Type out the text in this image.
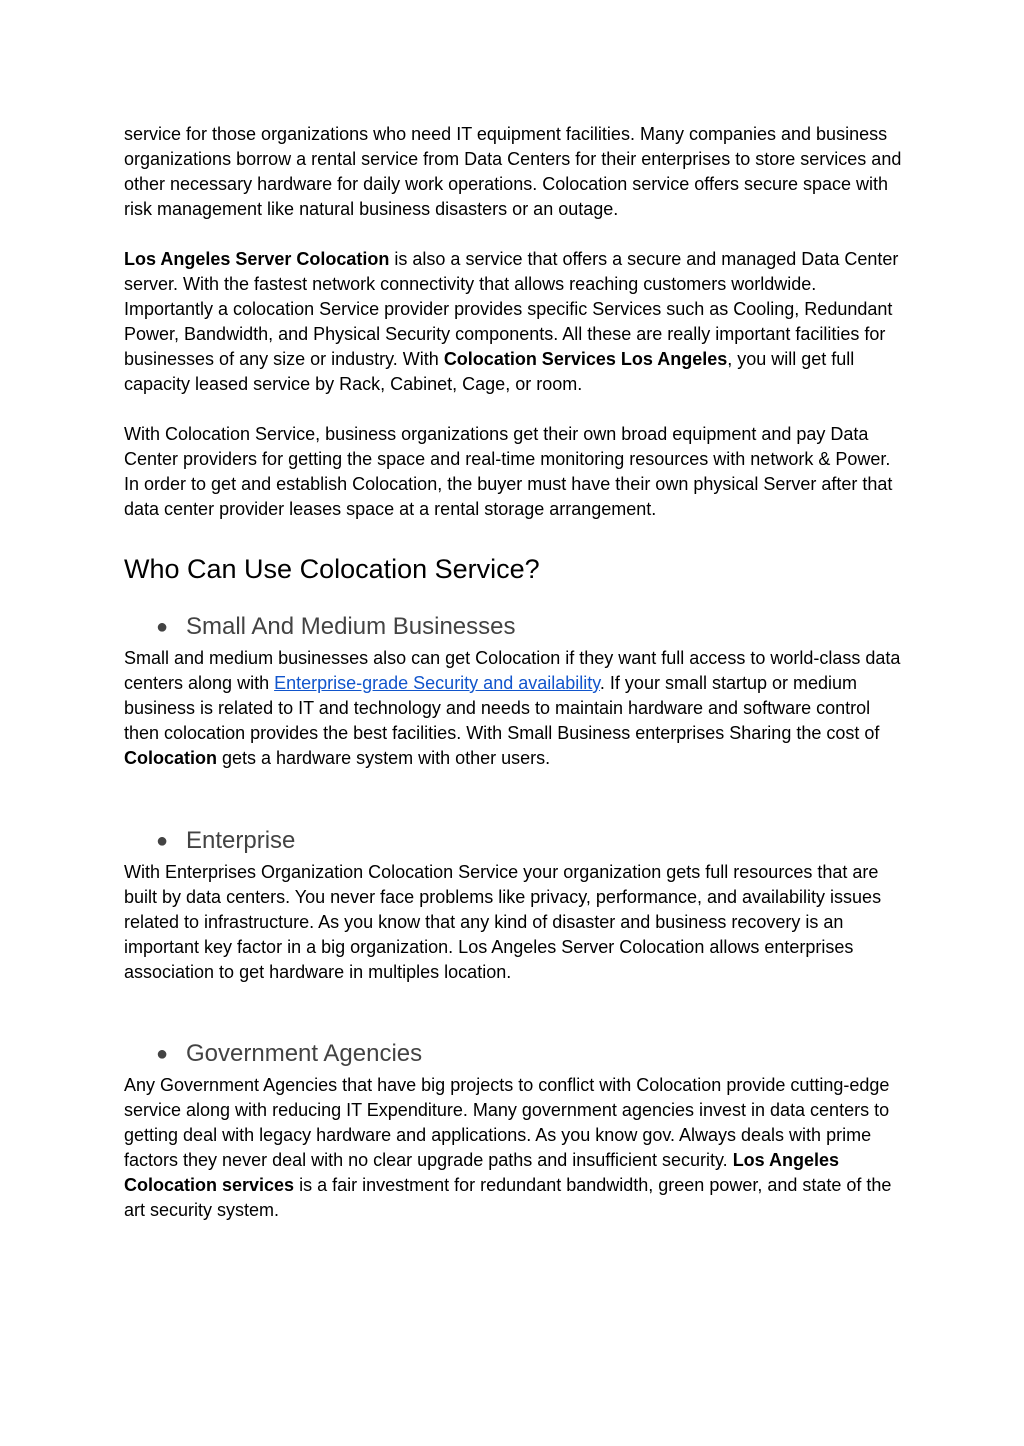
service for those organizations who need IT equipment facilities. Many companies and business organizations borrow a rental service from Data Centers for their enterprises to store services and other necessary hardware for daily work operations. Colocation service offers secure space with risk management like natural business disasters or an outage.

Los Angeles Server Colocation is also a service that offers a secure and managed Data Center server. With the fastest network connectivity that allows reaching customers worldwide. Importantly a colocation Service provider provides specific Services such as Cooling, Redundant Power, Bandwidth, and Physical Security components. All these are really important facilities for businesses of any size or industry. With Colocation Services Los Angeles, you will get full capacity leased service by Rack, Cabinet, Cage, or room.

With Colocation Service, business organizations get their own broad equipment and pay Data Center providers for getting the space and real-time monitoring resources with network & Power. In order to get and establish Colocation, the buyer must have their own physical Server after that data center provider leases space at a rental storage arrangement.

Who Can Use Colocation Service?
● Small And Medium Businesses

Small and medium businesses also can get Colocation if they want full access to world-class data centers along with Enterprise-grade Security and availability. If your small startup or medium business is related to IT and technology and needs to maintain hardware and software control then colocation provides the best facilities. With Small Business enterprises Sharing the cost of Colocation gets a hardware system with other users.

● Enterprise

With Enterprises Organization Colocation Service your organization gets full resources that are built by data centers. You never face problems like privacy, performance, and availability issues related to infrastructure. As you know that any kind of disaster and business recovery is an important key factor in a big organization. Los Angeles Server Colocation allows enterprises association to get hardware in multiples location.

● Government Agencies

Any Government Agencies that have big projects to conflict with Colocation provide cutting-edge service along with reducing IT Expenditure. Many government agencies invest in data centers to getting deal with legacy hardware and applications. As you know gov. Always deals with prime factors they never deal with no clear upgrade paths and insufficient security. Los Angeles Colocation services is a fair investment for redundant bandwidth, green power, and state of the art security system.
